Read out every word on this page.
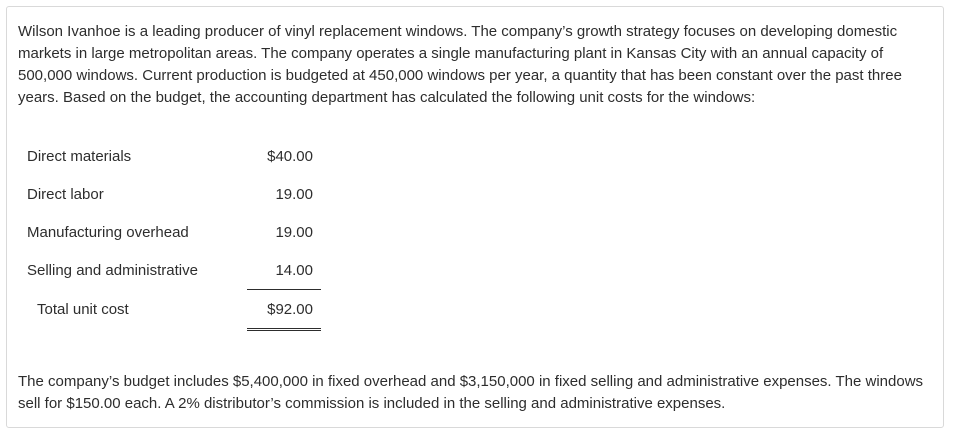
Wilson Ivanhoe is a leading producer of vinyl replacement windows. The company’s growth strategy focuses on developing domestic markets in large metropolitan areas. The company operates a single manufacturing plant in Kansas City with an annual capacity of 500,000 windows. Current production is budgeted at 450,000 windows per year, a quantity that has been constant over the past three years. Based on the budget, the accounting department has calculated the following unit costs for the windows:

Direct materials	$40.00
Direct labor	19.00
Manufacturing overhead	19.00
Selling and administrative	14.00
Total unit cost	$92.00

The company’s budget includes $5,400,000 in fixed overhead and $3,150,000 in fixed selling and administrative expenses. The windows sell for $150.00 each. A 2% distributor’s commission is included in the selling and administrative expenses.
